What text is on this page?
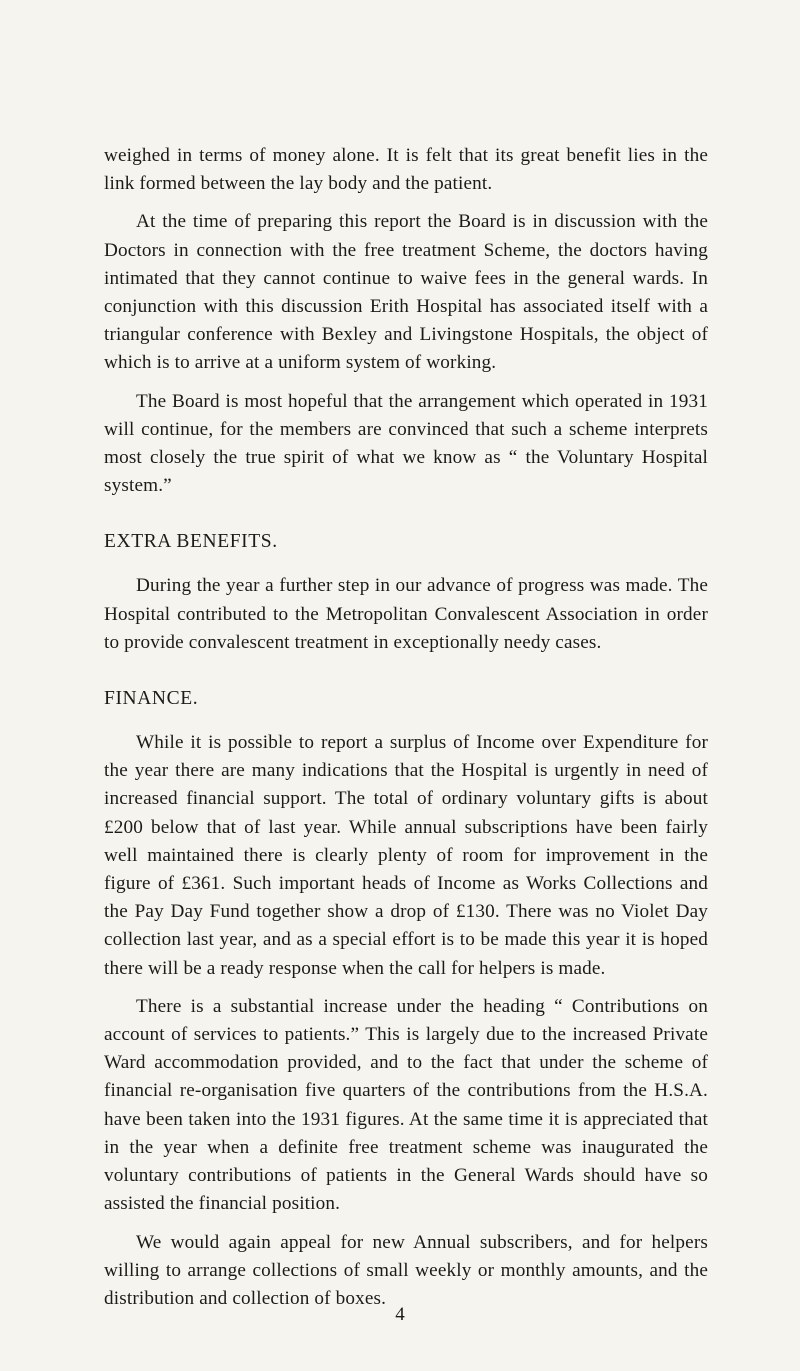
weighed in terms of money alone. It is felt that its great benefit lies in the link formed between the lay body and the patient.

At the time of preparing this report the Board is in discussion with the Doctors in connection with the free treatment Scheme, the doctors having intimated that they cannot continue to waive fees in the general wards. In conjunction with this discussion Erith Hospital has associated itself with a triangular conference with Bexley and Livingstone Hospitals, the object of which is to arrive at a uniform system of working.

The Board is most hopeful that the arrangement which operated in 1931 will continue, for the members are convinced that such a scheme interprets most closely the true spirit of what we know as “ the Voluntary Hospital system.”

EXTRA BENEFITS.

During the year a further step in our advance of progress was made. The Hospital contributed to the Metropolitan Convalescent Association in order to provide convalescent treatment in exceptionally needy cases.

FINANCE.

While it is possible to report a surplus of Income over Expenditure for the year there are many indications that the Hospital is urgently in need of increased financial support. The total of ordinary voluntary gifts is about £200 below that of last year. While annual subscriptions have been fairly well maintained there is clearly plenty of room for improvement in the figure of £361. Such important heads of Income as Works Collections and the Pay Day Fund together show a drop of £130. There was no Violet Day collection last year, and as a special effort is to be made this year it is hoped there will be a ready response when the call for helpers is made.

There is a substantial increase under the heading “ Contributions on account of services to patients.” This is largely due to the increased Private Ward accommodation provided, and to the fact that under the scheme of financial re-organisation five quarters of the contributions from the H.S.A. have been taken into the 1931 figures. At the same time it is appreciated that in the year when a definite free treatment scheme was inaugurated the voluntary contributions of patients in the General Wards should have so assisted the financial position.

We would again appeal for new Annual subscribers, and for helpers willing to arrange collections of small weekly or monthly amounts, and the distribution and collection of boxes.

4
